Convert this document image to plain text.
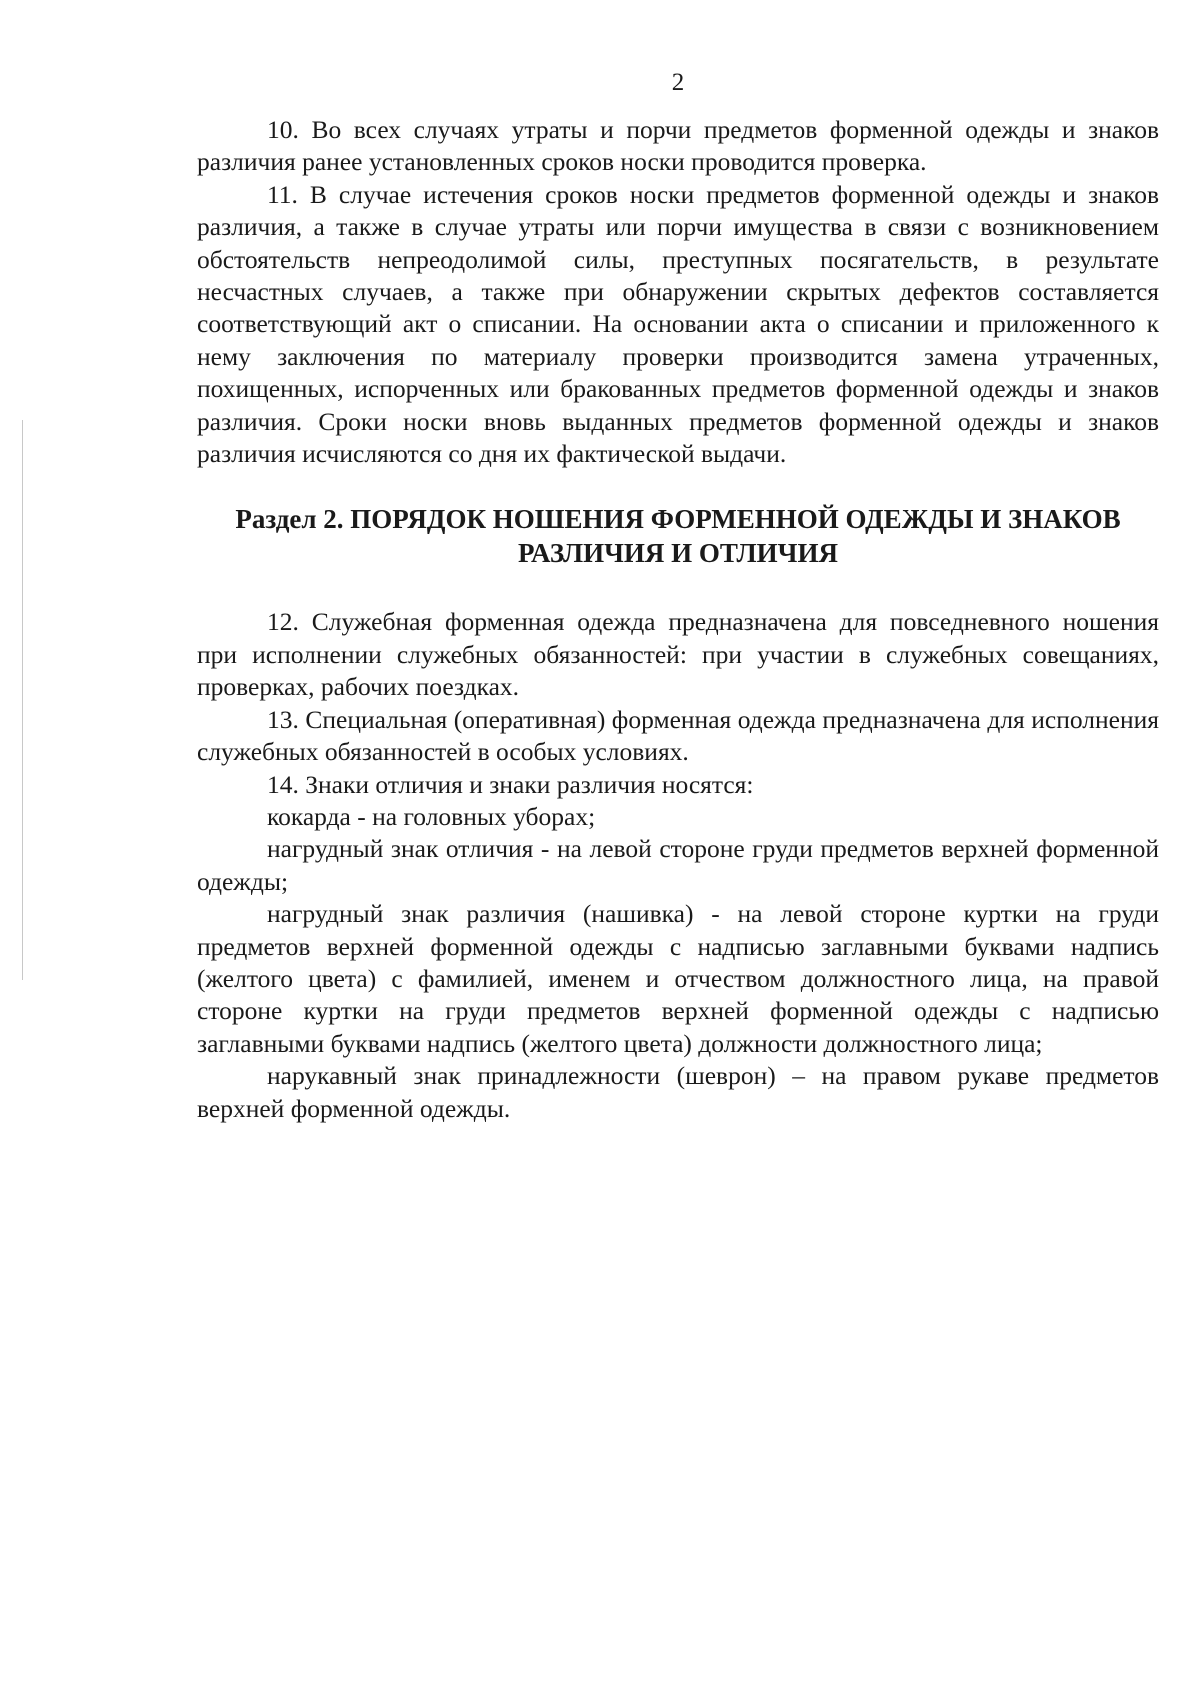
2

10. Во всех случаях утраты и порчи предметов форменной одежды и знаков различия ранее установленных сроков носки проводится проверка.

11. В случае истечения сроков носки предметов форменной одежды и знаков различия, а также в случае утраты или порчи имущества в связи с возникновением обстоятельств непреодолимой силы, преступных посягательств, в результате несчастных случаев, а также при обнаружении скрытых дефектов составляется соответствующий акт о списании. На основании акта о списании и приложенного к нему заключения по материалу проверки производится замена утраченных, похищенных, испорченных или бракованных предметов форменной одежды и знаков различия. Сроки носки вновь выданных предметов форменной одежды и знаков различия исчисляются со дня их фактической выдачи.

Раздел 2. ПОРЯДОК НОШЕНИЯ ФОРМЕННОЙ ОДЕЖДЫ И ЗНАКОВ РАЗЛИЧИЯ И ОТЛИЧИЯ

12. Служебная форменная одежда предназначена для повседневного ношения при исполнении служебных обязанностей: при участии в служебных совещаниях, проверках, рабочих поездках.

13. Специальная (оперативная) форменная одежда предназначена для исполнения служебных обязанностей в особых условиях.

14. Знаки отличия и знаки различия носятся:

кокарда - на головных уборах;

нагрудный знак отличия - на левой стороне груди предметов верхней форменной одежды;

нагрудный знак различия (нашивка) - на левой стороне куртки на груди предметов верхней форменной одежды с надписью заглавными буквами надпись (желтого цвета) с фамилией, именем и отчеством должностного лица, на правой стороне куртки на груди предметов верхней форменной одежды с надписью заглавными буквами надпись (желтого цвета) должности должностного лица;

нарукавный знак принадлежности (шеврон) – на правом рукаве предметов верхней форменной одежды.
